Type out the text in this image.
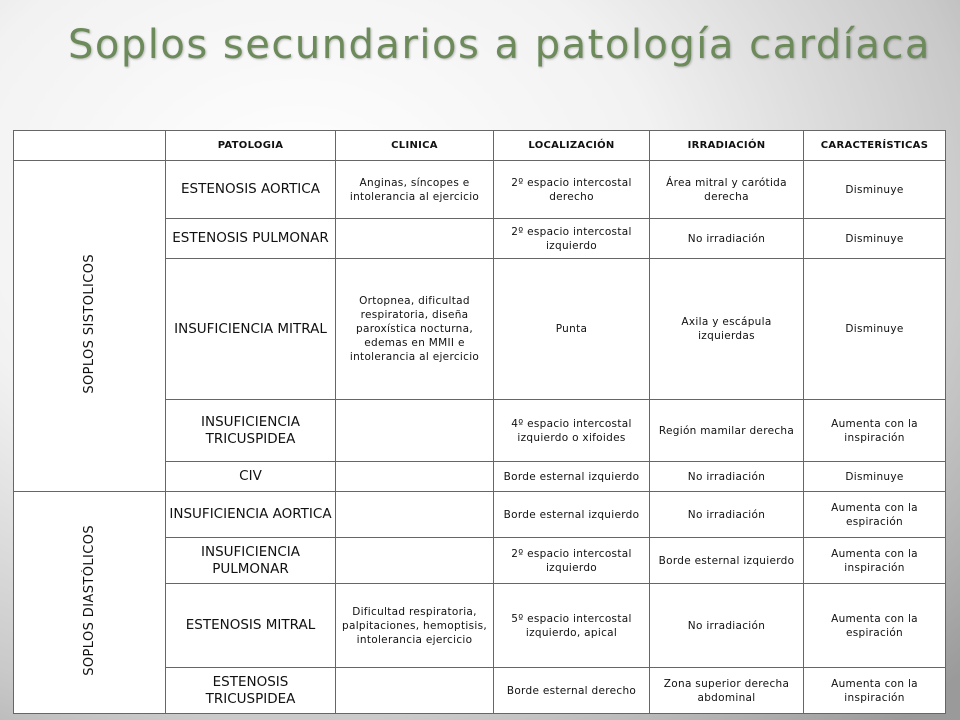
Soplos secundarios a patología cardíaca
	PATOLOGIA	CLINICA	LOCALIZACIÓN	IRRADIACIÓN	CARACTERÍSTICAS
SOPLOS SISTOLICOS	ESTENOSIS AORTICA	Anginas, síncopes e intolerancia al ejercicio	2º espacio intercostal derecho	Área mitral y carótida derecha	Disminuye
	ESTENOSIS PULMONAR		2º espacio intercostal izquierdo	No irradiación	Disminuye
	INSUFICIENCIA MITRAL	Ortopnea, dificultad respiratoria, diseña paroxística nocturna, edemas en MMII e intolerancia al ejercicio	Punta	Axila y escápula izquierdas	Disminuye
	INSUFICIENCIA TRICUSPIDEA		4º espacio intercostal izquierdo o xifoides	Región mamilar derecha	Aumenta con la inspiración
	CIV		Borde esternal izquierdo	No irradiación	Disminuye
SOPLOS DIASTÓLICOS	INSUFICIENCIA AORTICA		Borde esternal izquierdo	No irradiación	Aumenta con la espiración
	INSUFICIENCIA PULMONAR		2º espacio intercostal izquierdo	Borde esternal izquierdo	Aumenta con la inspiración
	ESTENOSIS MITRAL	Dificultad respiratoria, palpitaciones, hemoptisis, intolerancia ejercicio	5º espacio intercostal izquierdo, apical	No irradiación	Aumenta con la espiración
	ESTENOSIS TRICUSPIDEA		Borde esternal derecho	Zona superior derecha abdominal	Aumenta con la inspiración
